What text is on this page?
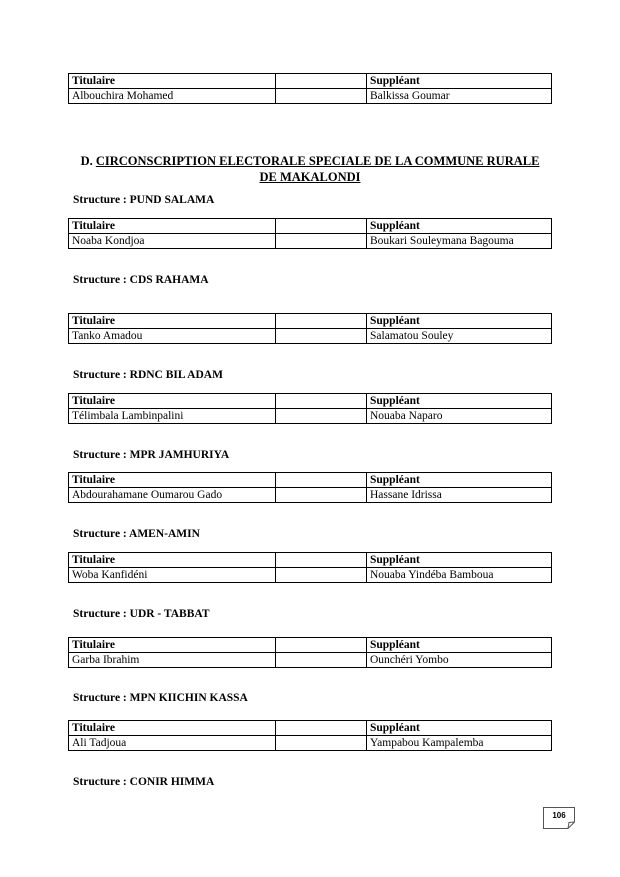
Titulaire		Suppléant
Albouchira Mohamed		Balkissa Goumar
D. CIRCONSCRIPTION ELECTORALE SPECIALE DE LA COMMUNE RURALE
DE MAKALONDI
Structure : PUND SALAMA
Titulaire		Suppléant
Noaba Kondjoa		Boukari Souleymana Bagouma
Structure : CDS RAHAMA
Titulaire		Suppléant
Tanko Amadou		Salamatou Souley
Structure : RDNC BIL ADAM
Titulaire		Suppléant
Télimbala Lambinpalini		Nouaba Naparo
Structure : MPR JAMHURIYA
Titulaire		Suppléant
Abdourahamane Oumarou Gado		Hassane Idrissa
Structure : AMEN-AMIN
Titulaire		Suppléant
Woba Kanfidéni		Nouaba Yindéba Bamboua
Structure : UDR - TABBAT
Titulaire		Suppléant
Garba Ibrahim		Ounchéri Yombo
Structure : MPN KIICHIN KASSA
Titulaire		Suppléant
Ali Tadjoua		Yampabou Kampalemba
Structure : CONIR HIMMA
106
